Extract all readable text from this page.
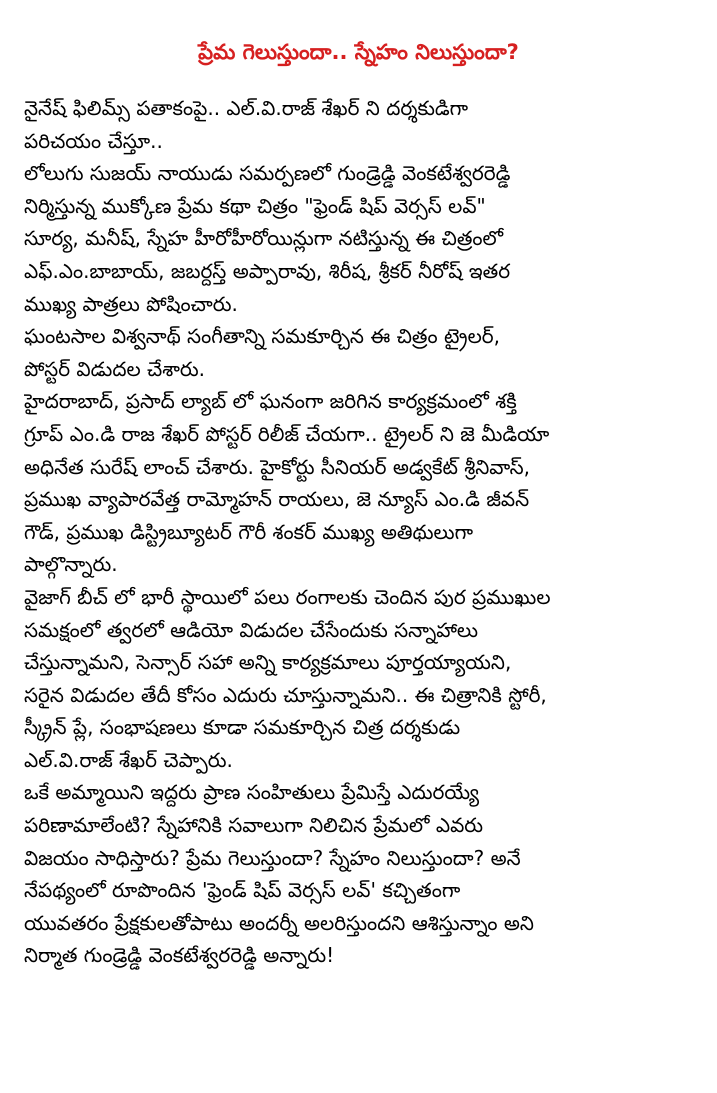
ప్రేమ గెలుస్తుందా.. స్నేహం నిలుస్తుందా?

నైనేష్ ఫిలిమ్స్ పతాకంపై.. ఎల్.వి.రాజ్ శేఖర్ ని దర్శకుడిగా
పరిచయం చేస్తూ..
లోలుగు సుజయ్ నాయుడు సమర్పణలో గుండ్రెడ్డి వెంకటేశ్వరరెడ్డి
నిర్మిస్తున్న ముక్కోణ ప్రేమ కథా చిత్రం "ఫ్రెండ్ షిప్ వెర్సస్ లవ్"
సూర్య, మనీష్, స్నేహ హీరోహీరోయిన్లుగా నటిస్తున్న ఈ చిత్రంలో
ఎఫ్.ఎం.బాబాయ్, జబర్దస్త్ అప్పారావు, శిరీష, శ్రీకర్ నీరోష్ ఇతర
ముఖ్య పాత్రలు పోషించారు.
ఘంటసాల విశ్వనాథ్ సంగీతాన్ని సమకూర్చిన ఈ చిత్రం ట్రైలర్,
పోస్టర్ విడుదల చేశారు.
హైదరాబాద్, ప్రసాద్ ల్యాబ్ లో ఘనంగా జరిగిన కార్యక్రమంలో శక్తి
గ్రూప్ ఎం.డి రాజ శేఖర్ పోస్టర్ రిలీజ్ చేయగా.. ట్రైలర్ ని జె మీడియా
అధినేత సురేష్ లాంచ్ చేశారు. హైకోర్టు సీనియర్ అడ్వకేట్ శ్రీనివాస్,
ప్రముఖ వ్యాపారవేత్త రామ్మోహన్ రాయలు, జె న్యూస్ ఎం.డి జీవన్
గౌడ్, ప్రముఖ డిస్ట్రిబ్యూటర్ గౌరీ శంకర్ ముఖ్య అతిథులుగా
పాల్గొన్నారు.
వైజాగ్ బీచ్ లో భారీ స్థాయిలో పలు రంగాలకు చెందిన పుర ప్రముఖుల
సమక్షంలో త్వరలో ఆడియో విడుదల చేసేందుకు సన్నాహాలు
చేస్తున్నామని, సెన్సార్ సహా అన్ని కార్యక్రమాలు పూర్తయ్యాయని,
సరైన విడుదల తేదీ కోసం ఎదురు చూస్తున్నామని.. ఈ చిత్రానికి స్టోరీ,
స్క్రీన్ ప్లే, సంభాషణలు కూడా సమకూర్చిన చిత్ర దర్శకుడు
ఎల్.వి.రాజ్ శేఖర్ చెప్పారు.
ఒకే అమ్మాయిని ఇద్దరు ప్రాణ సంహితులు ప్రేమిస్తే ఎదురయ్యే
పరిణామాలేంటి? స్నేహానికి సవాలుగా నిలిచిన ప్రేమలో ఎవరు
విజయం సాధిస్తారు? ప్రేమ గెలుస్తుందా? స్నేహం నిలుస్తుందా? అనే
నేపథ్యంలో రూపొందిన 'ఫ్రెండ్ షిప్ వెర్సస్ లవ్' కచ్చితంగా
యువతరం ప్రేక్షకులతోపాటు అందర్నీ అలరిస్తుందని ఆశిస్తున్నాం అని
నిర్మాత గుండ్రెడ్డి వెంకటేశ్వరరెడ్డి అన్నారు!
